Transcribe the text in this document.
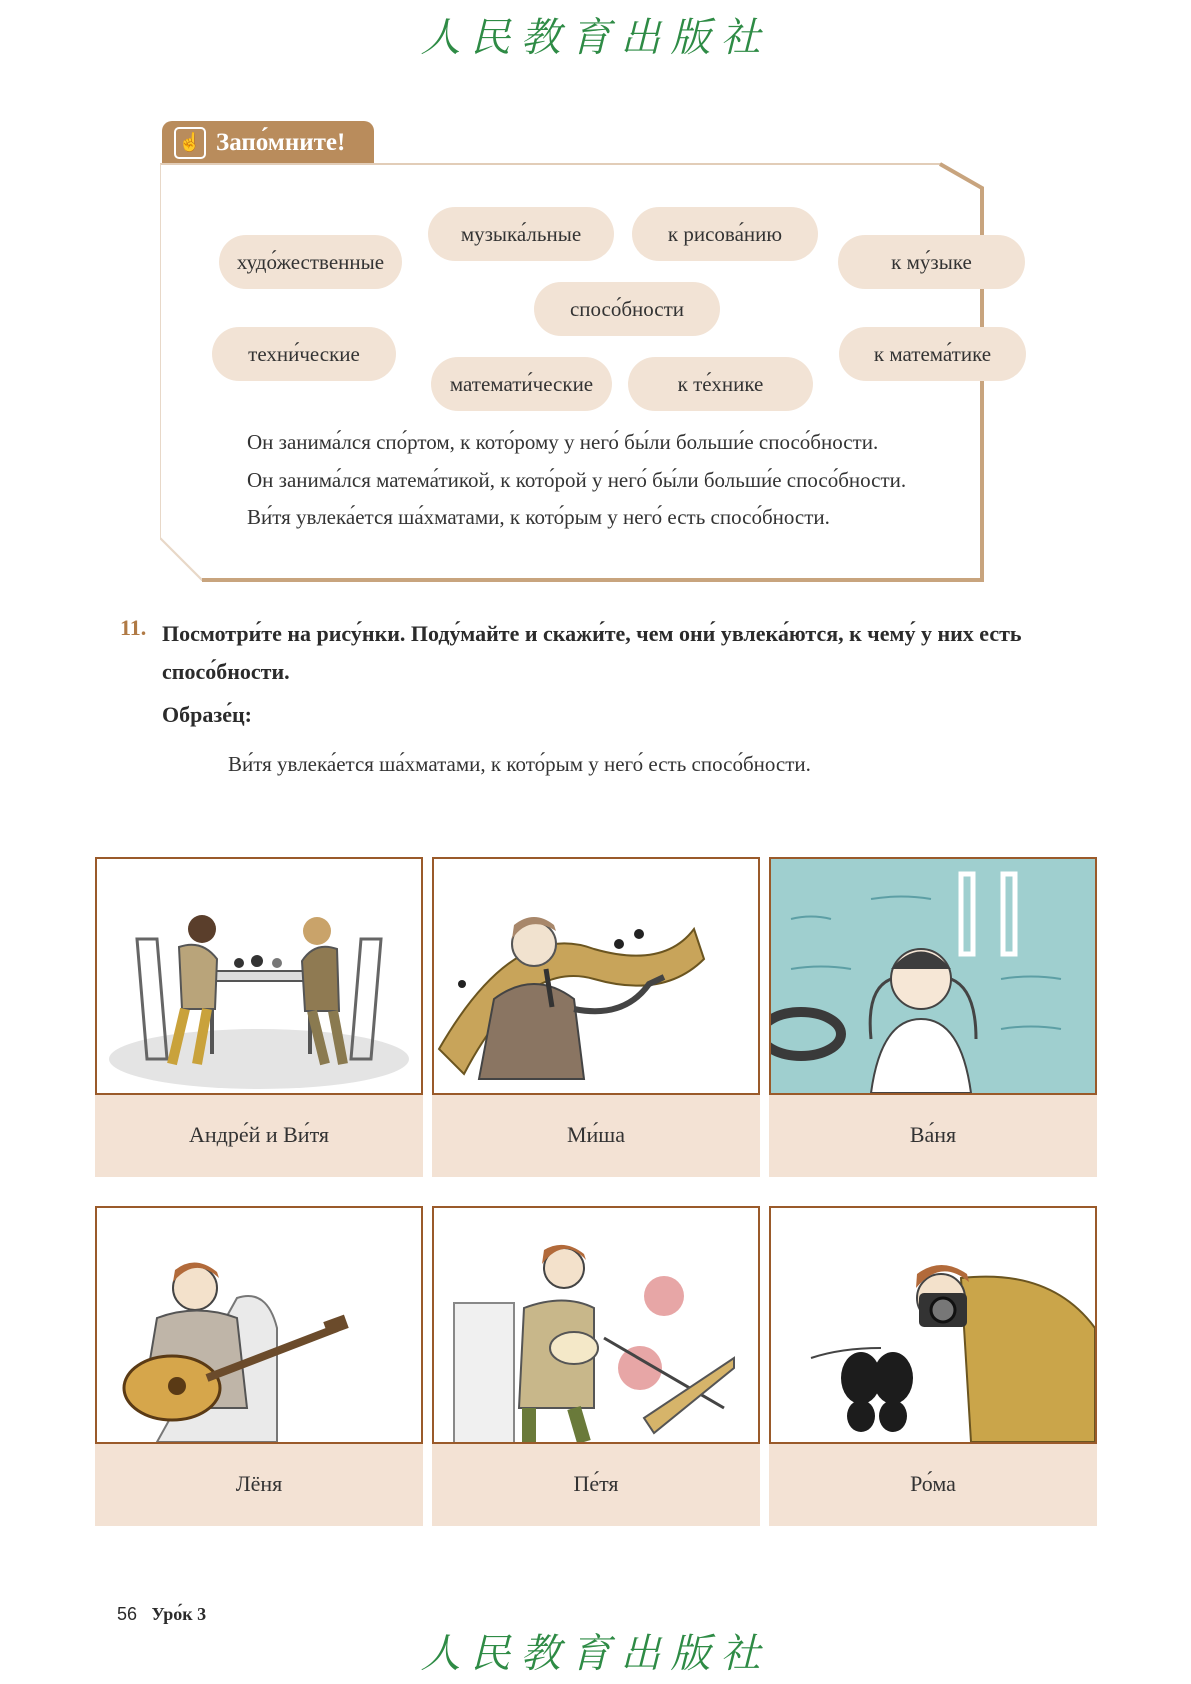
人民教育出版社
☝ Запо́мните!
худо́жественные
музыка́льные	к рисова́нию
к му́зыке
спосо́бности
техни́ческие	к матема́тике
математи́ческие	к те́хнике
Он занима́лся спо́ртом, к кото́рому у него́ бы́ли больши́е спосо́бности.
Он занима́лся матема́тикой, к кото́рой у него́ бы́ли больши́е спосо́бности.
Ви́тя увлека́ется ша́хматами, к кото́рым у него́ есть спосо́бности.
11. Посмотри́те на рису́нки. Поду́майте и скажи́те, чем они́ увлека́ются, к чему́ у них есть спосо́бности.
Образе́ц:
Ви́тя увлека́ется ша́хматами, к кото́рым у него́ есть спосо́бности.
Андре́й и Ви́тя	Ми́ша	Ва́ня
Лёня	Пе́тя	Ро́ма
56 Уро́к 3
人民教育出版社
